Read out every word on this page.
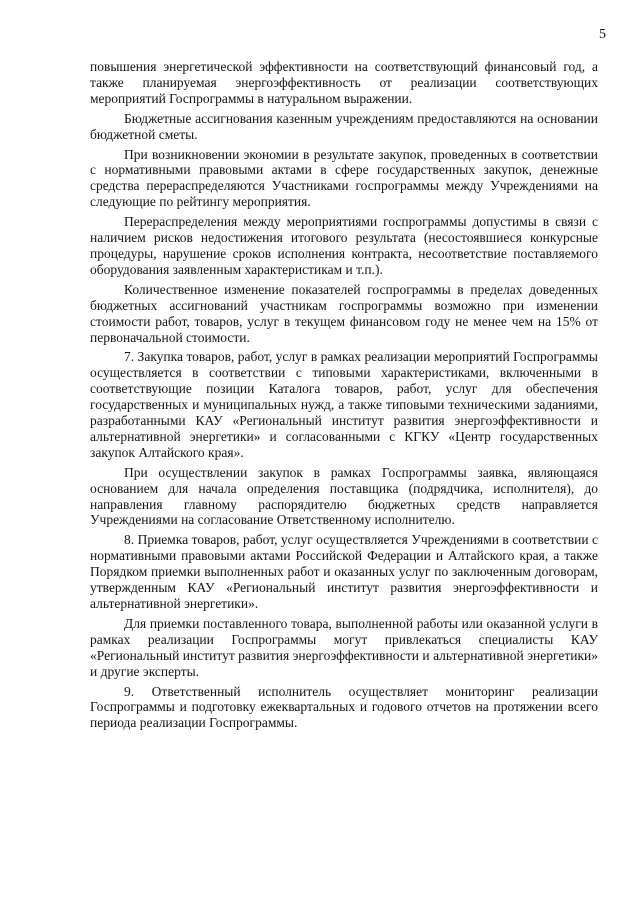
5

повышения энергетической эффективности на соответствующий финансовый год, а также планируемая энергоэффективность от реализации соответствующих мероприятий Госпрограммы в натуральном выражении.

Бюджетные ассигнования казенным учреждениям предоставляются на основании бюджетной сметы.

При возникновении экономии в результате закупок, проведенных в соответствии с нормативными правовыми актами в сфере государственных закупок, денежные средства перераспределяются Участниками госпрограммы между Учреждениями на следующие по рейтингу мероприятия.

Перераспределения между мероприятиями госпрограммы допустимы в связи с наличием рисков недостижения итогового результата (несостоявшиеся конкурсные процедуры, нарушение сроков исполнения контракта, несоответствие поставляемого оборудования заявленным характеристикам и т.п.).

Количественное изменение показателей госпрограммы в пределах доведенных бюджетных ассигнований участникам госпрограммы возможно при изменении стоимости работ, товаров, услуг в текущем финансовом году не менее чем на 15% от первоначальной стоимости.

7. Закупка товаров, работ, услуг в рамках реализации мероприятий Госпрограммы осуществляется в соответствии с типовыми характеристиками, включенными в соответствующие позиции Каталога товаров, работ, услуг для обеспечения государственных и муниципальных нужд, а также типовыми техническими заданиями, разработанными КАУ «Региональный институт развития энергоэффективности и альтернативной энергетики» и согласованными с КГКУ «Центр государственных закупок Алтайского края».

При осуществлении закупок в рамках Госпрограммы заявка, являющаяся основанием для начала определения поставщика (подрядчика, исполнителя), до направления главному распорядителю бюджетных средств направляется Учреждениями на согласование Ответственному исполнителю.

8. Приемка товаров, работ, услуг осуществляется Учреждениями в соответствии с нормативными правовыми актами Российской Федерации и Алтайского края, а также Порядком приемки выполненных работ и оказанных услуг по заключенным договорам, утвержденным КАУ «Региональный институт развития энергоэффективности и альтернативной энергетики».

Для приемки поставленного товара, выполненной работы или оказанной услуги в рамках реализации Госпрограммы могут привлекаться специалисты КАУ «Региональный институт развития энергоэффективности и альтернативной энергетики» и другие эксперты.

9. Ответственный исполнитель осуществляет мониторинг реализации Госпрограммы и подготовку ежеквартальных и годового отчетов на протяжении всего периода реализации Госпрограммы.
